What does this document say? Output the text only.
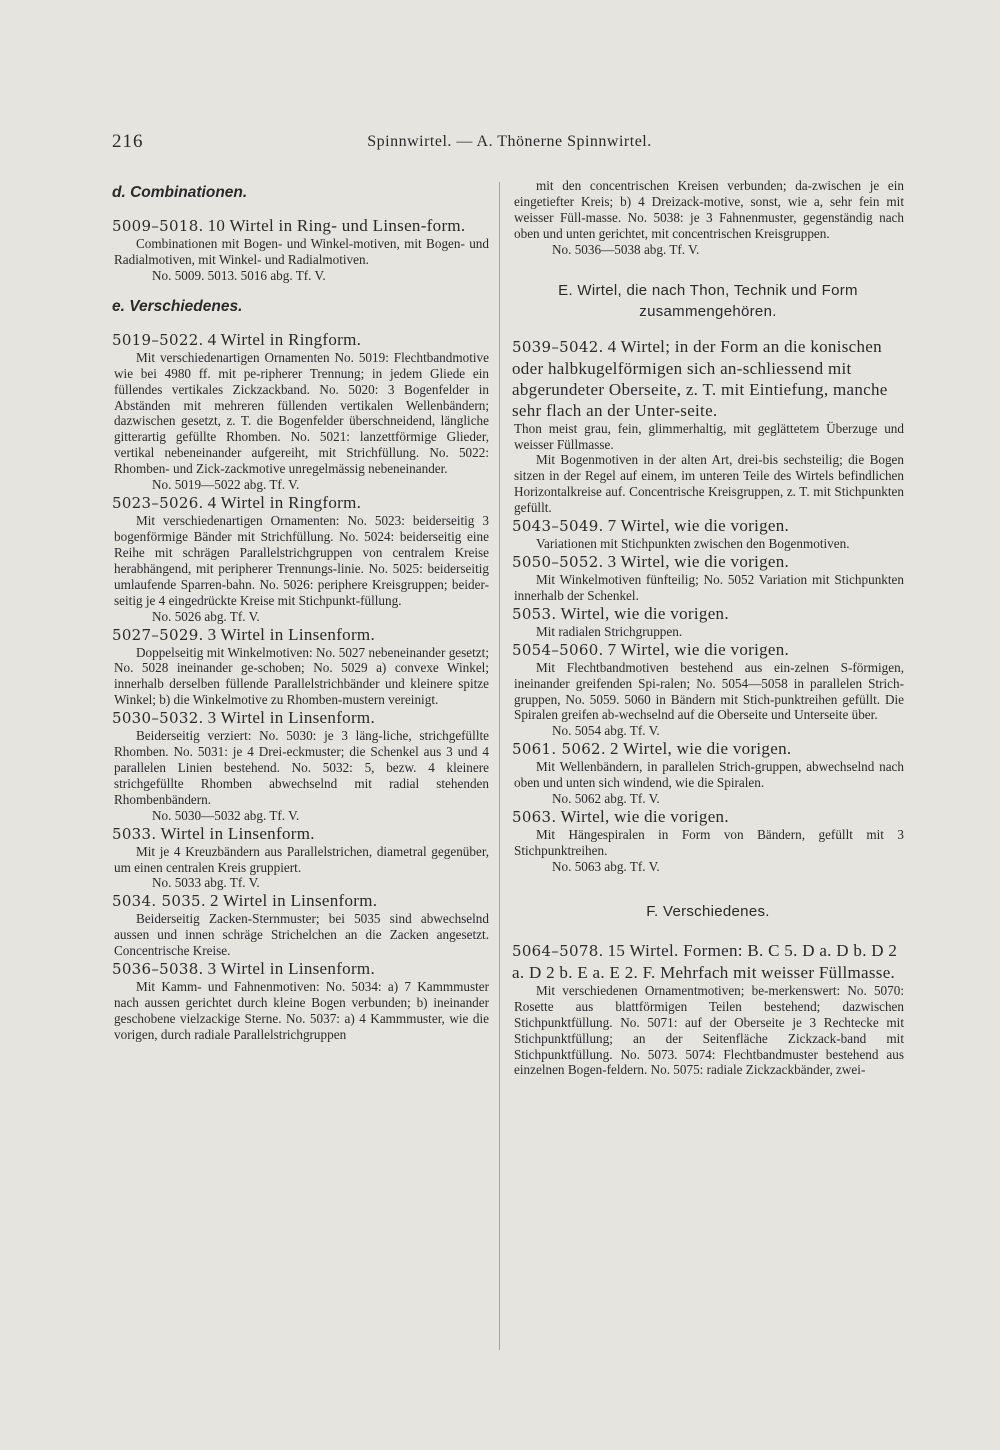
216	Spinnwirtel. — A. Thönerne Spinnwirtel.
d. Combinationen.

5009–5018. 10 Wirtel in Ring- und Linsen-form.

Combinationen mit Bogen- und Winkel-motiven, mit Bogen- und Radialmotiven, mit Winkel- und Radialmotiven.

No. 5009. 5013. 5016 abg. Tf. V.

e. Verschiedenes.

5019–5022. 4 Wirtel in Ringform.

Mit verschiedenartigen Ornamenten No. 5019: Flechtbandmotive wie bei 4980 ff. mit pe-ripherer Trennung; in jedem Gliede ein füllendes vertikales Zickzackband. No. 5020: 3 Bogenfelder in Abständen mit mehreren füllenden vertikalen Wellenbändern; dazwischen gesetzt, z. T. die Bogenfelder überschneidend, längliche gitterartig gefüllte Rhomben. No. 5021: lanzettförmige Glieder, vertikal nebeneinander aufgereiht, mit Strichfüllung. No. 5022: Rhomben- und Zick-zackmotive unregelmässig nebeneinander.

No. 5019—5022 abg. Tf. V.

5023–5026. 4 Wirtel in Ringform.

Mit verschiedenartigen Ornamenten: No. 5023: beiderseitig 3 bogenförmige Bänder mit Strichfüllung. No. 5024: beiderseitig eine Reihe mit schrägen Parallelstrichgruppen von centralem Kreise herabhängend, mit peripherer Trennungs-linie. No. 5025: beiderseitig umlaufende Sparren-bahn. No. 5026: periphere Kreisgruppen; beider-seitig je 4 eingedrückte Kreise mit Stichpunkt-füllung.

No. 5026 abg. Tf. V.

5027–5029. 3 Wirtel in Linsenform.

Doppelseitig mit Winkelmotiven: No. 5027 nebeneinander gesetzt; No. 5028 ineinander ge-schoben; No. 5029 a) convexe Winkel; innerhalb derselben füllende Parallelstrichbänder und kleinere spitze Winkel; b) die Winkelmotive zu Rhomben-mustern vereinigt.

5030–5032. 3 Wirtel in Linsenform.

Beiderseitig verziert: No. 5030: je 3 läng-liche, strichgefüllte Rhomben. No. 5031: je 4 Drei-eckmuster; die Schenkel aus 3 und 4 parallelen Linien bestehend. No. 5032: 5, bezw. 4 kleinere strichgefüllte Rhomben abwechselnd mit radial stehenden Rhombenbändern.

No. 5030—5032 abg. Tf. V.

5033. Wirtel in Linsenform.

Mit je 4 Kreuzbändern aus Parallelstrichen, diametral gegenüber, um einen centralen Kreis gruppiert.

No. 5033 abg. Tf. V.

5034. 5035. 2 Wirtel in Linsenform.

Beiderseitig Zacken-Sternmuster; bei 5035 sind abwechselnd aussen und innen schräge Strichelchen an die Zacken angesetzt. Concentrische Kreise.

5036–5038. 3 Wirtel in Linsenform.

Mit Kamm- und Fahnenmotiven: No. 5034: a) 7 Kammmuster nach aussen gerichtet durch kleine Bogen verbunden; b) ineinander geschobene vielzackige Sterne. No. 5037: a) 4 Kammmuster, wie die vorigen, durch radiale Parallelstrichgruppen

mit den concentrischen Kreisen verbunden; da-zwischen je ein eingetiefter Kreis; b) 4 Dreizack-motive, sonst, wie a, sehr fein mit weisser Füll-masse. No. 5038: je 3 Fahnenmuster, gegenständig nach oben und unten gerichtet, mit concentrischen Kreisgruppen.

No. 5036—5038 abg. Tf. V.

E. Wirtel, die nach Thon, Technik und Form

zusammengehören.

5039–5042. 4 Wirtel; in der Form an die konischen oder halbkugelförmigen sich an-schliessend mit abgerundeter Oberseite, z. T. mit Eintiefung, manche sehr flach an der Unter-seite.

Thon meist grau, fein, glimmerhaltig, mit geglättetem Überzuge und weisser Füllmasse.

Mit Bogenmotiven in der alten Art, drei-bis sechsteilig; die Bogen sitzen in der Regel auf einem, im unteren Teile des Wirtels befindlichen Horizontalkreise auf. Concentrische Kreisgruppen, z. T. mit Stichpunkten gefüllt.

5043–5049. 7 Wirtel, wie die vorigen.

Variationen mit Stichpunkten zwischen den Bogenmotiven.

5050–5052. 3 Wirtel, wie die vorigen.

Mit Winkelmotiven fünfteilig; No. 5052 Variation mit Stichpunkten innerhalb der Schenkel.

5053. Wirtel, wie die vorigen.

Mit radialen Strichgruppen.

5054–5060. 7 Wirtel, wie die vorigen.

Mit Flechtbandmotiven bestehend aus ein-zelnen S-förmigen, ineinander greifenden Spi-ralen; No. 5054—5058 in parallelen Strich-gruppen, No. 5059. 5060 in Bändern mit Stich-punktreihen gefüllt. Die Spiralen greifen ab-wechselnd auf die Oberseite und Unterseite über.

No. 5054 abg. Tf. V.

5061. 5062. 2 Wirtel, wie die vorigen.

Mit Wellenbändern, in parallelen Strich-gruppen, abwechselnd nach oben und unten sich windend, wie die Spiralen.

No. 5062 abg. Tf. V.

5063. Wirtel, wie die vorigen.

Mit Hängespiralen in Form von Bändern, gefüllt mit 3 Stichpunktreihen.

No. 5063 abg. Tf. V.

F. Verschiedenes.

5064–5078. 15 Wirtel. Formen: B. C 5. D a. D b. D 2 a. D 2 b. E a. E 2. F. Mehrfach mit weisser Füllmasse.

Mit verschiedenen Ornamentmotiven; be-merkenswert: No. 5070: Rosette aus blattförmigen Teilen bestehend; dazwischen Stichpunktfüllung. No. 5071: auf der Oberseite je 3 Rechtecke mit Stichpunktfüllung; an der Seitenfläche Zickzack-band mit Stichpunktfüllung. No. 5073. 5074: Flechtbandmuster bestehend aus einzelnen Bogen-feldern. No. 5075: radiale Zickzackbänder, zwei-
